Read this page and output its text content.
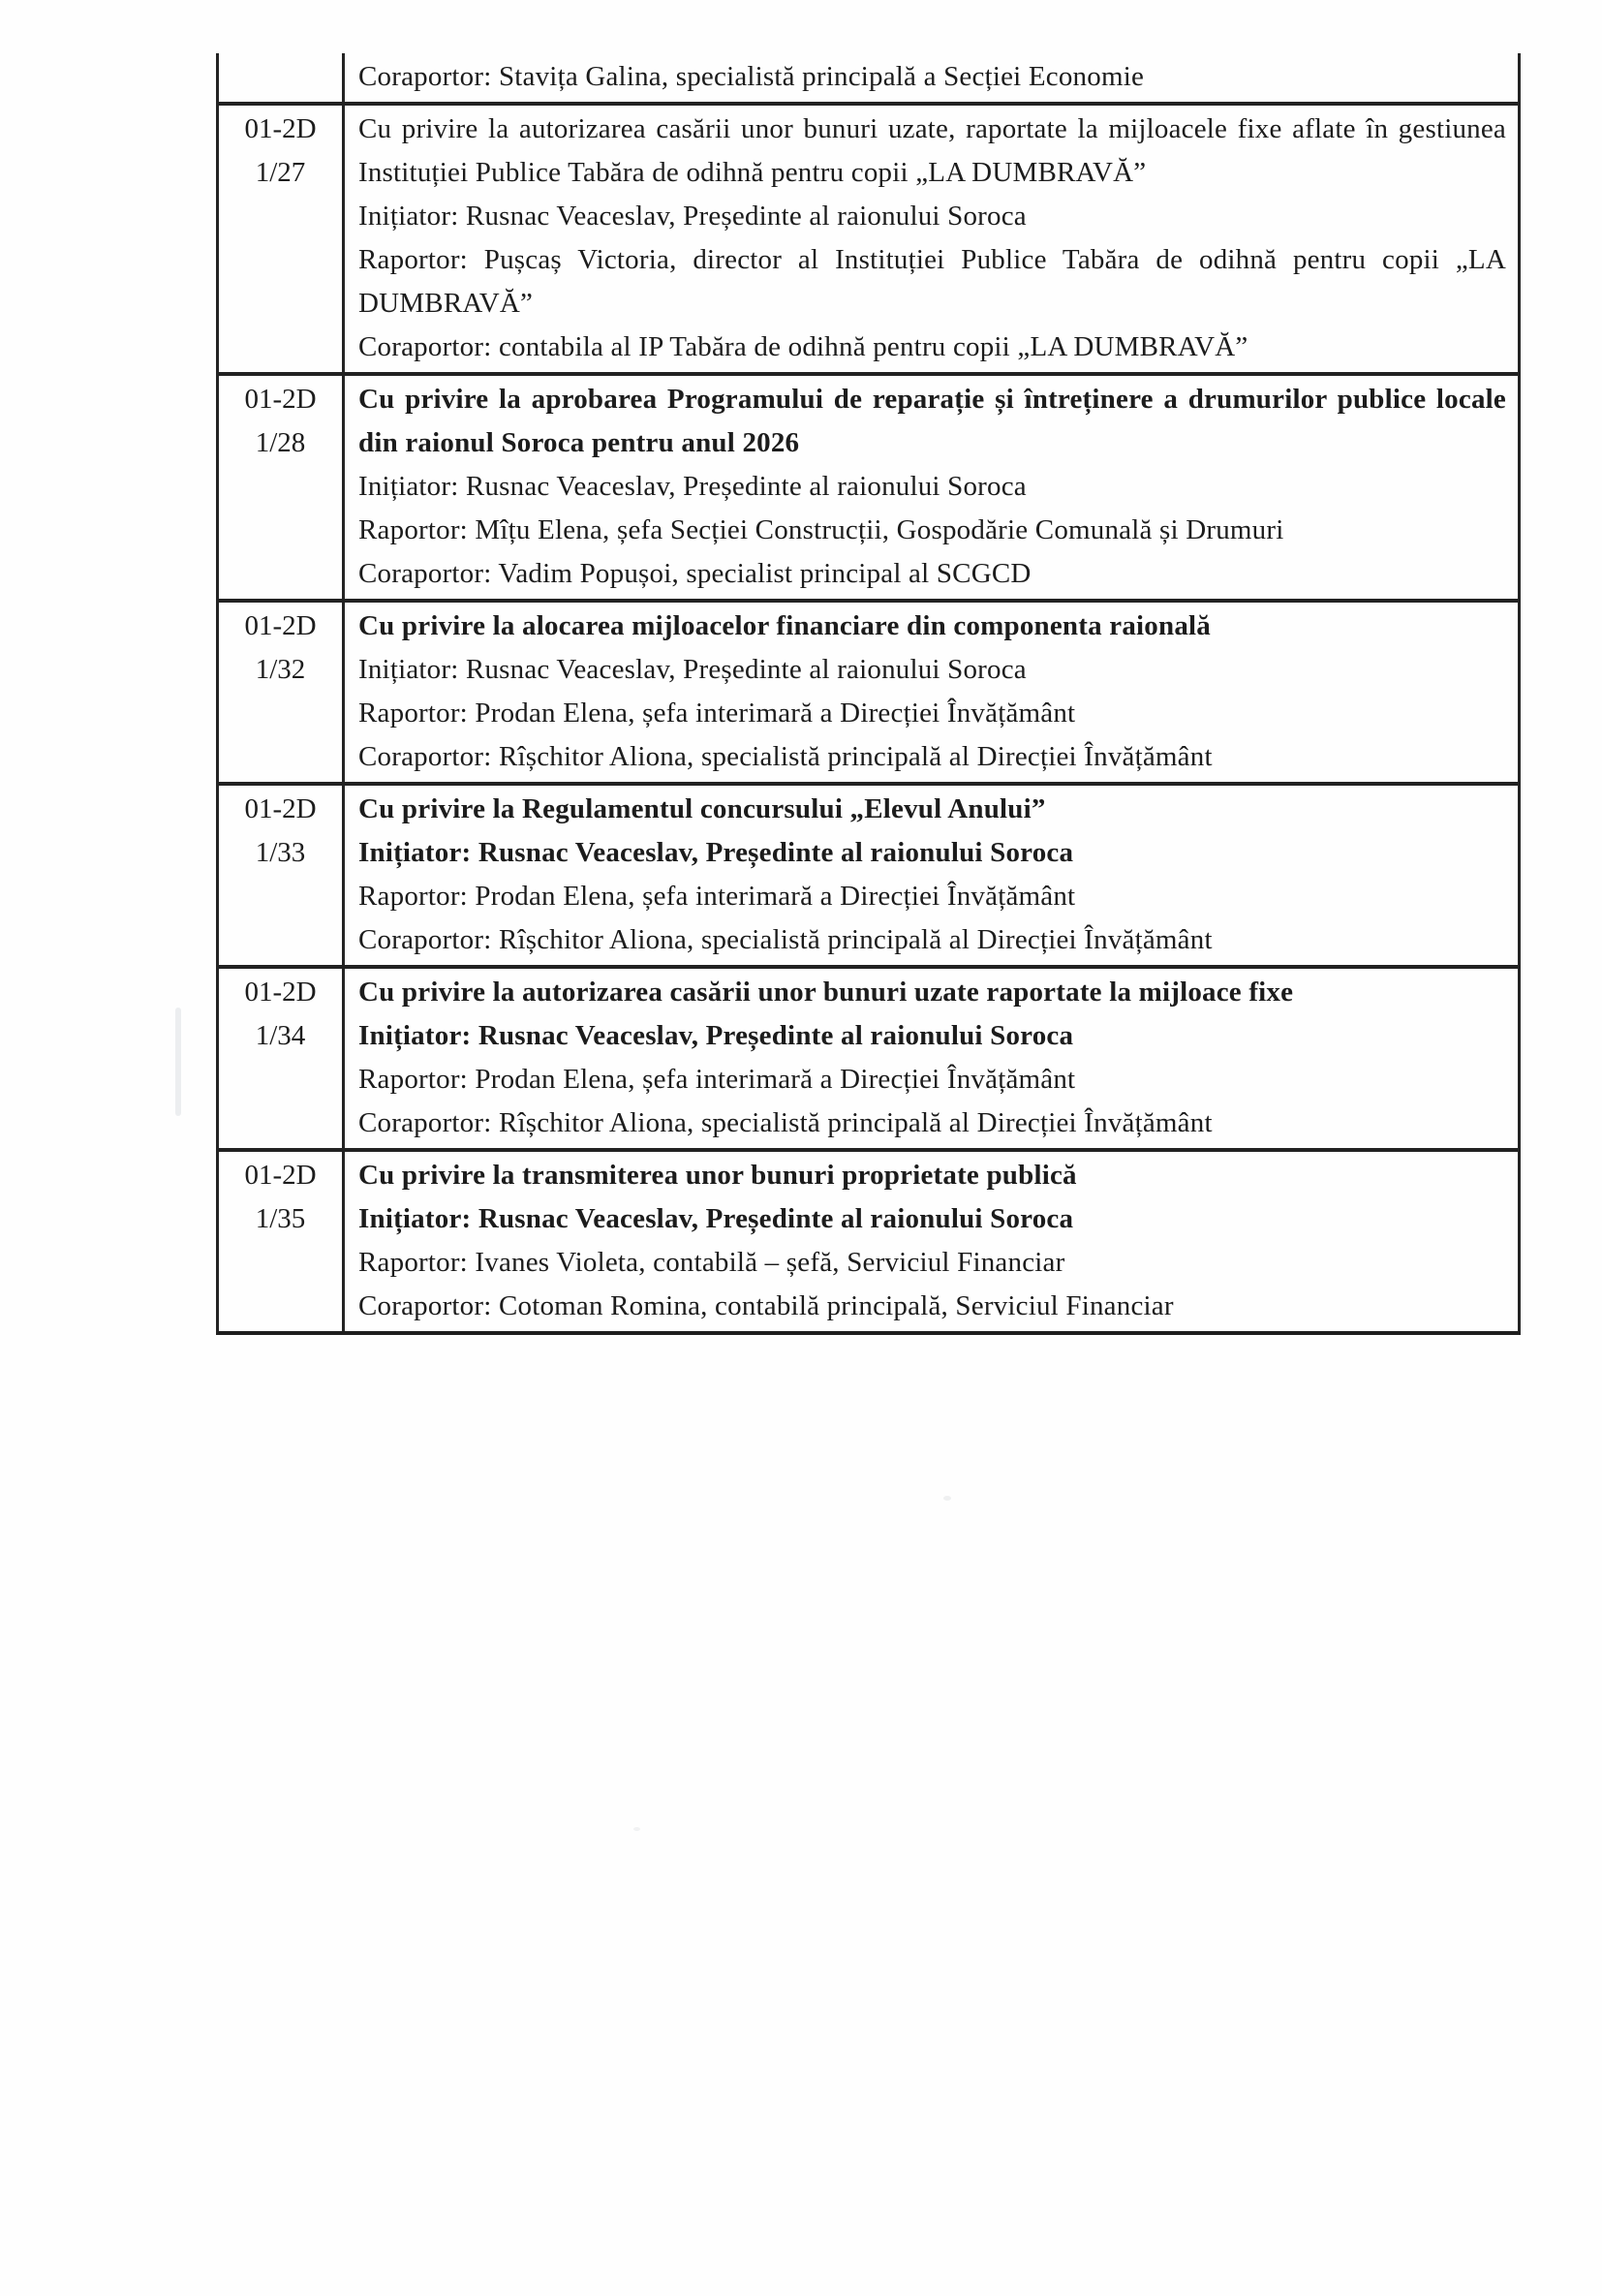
Coraportor: Stavița Galina, specialistă principală a Secției Economie

01-2D
1/27

Cu privire la autorizarea casării unor bunuri uzate, raportate la mijloacele fixe aflate în gestiunea Instituției Publice Tabăra de odihnă pentru copii „LA DUMBRAVĂ”

Inițiator: Rusnac Veaceslav, Președinte al raionului Soroca

Raportor: Pușcaș Victoria, director al Instituției Publice Tabăra de odihnă pentru copii „LA DUMBRAVĂ”

Coraportor: contabila al IP Tabăra de odihnă pentru copii „LA DUMBRAVĂ”

01-2D
1/28

Cu privire la aprobarea Programului de reparație și întreținere a drumurilor publice locale din raionul Soroca pentru anul 2026

Inițiator: Rusnac Veaceslav, Președinte al raionului Soroca

Raportor: Mîțu Elena, șefa Secției Construcții, Gospodărie Comunală și Drumuri

Coraportor: Vadim Popușoi, specialist principal al SCGCD

01-2D
1/32

Cu privire la alocarea mijloacelor financiare din componenta raională

Inițiator: Rusnac Veaceslav, Președinte al raionului Soroca

Raportor: Prodan Elena, șefa interimară a Direcției Învățământ

Coraportor: Rîșchitor Aliona, specialistă principală al Direcției Învățământ

01-2D
1/33

Cu privire la Regulamentul concursului „Elevul Anului”

Inițiator: Rusnac Veaceslav, Președinte al raionului Soroca

Raportor: Prodan Elena, șefa interimară a Direcției Învățământ

Coraportor: Rîșchitor Aliona, specialistă principală al Direcției Învățământ

01-2D
1/34

Cu privire la autorizarea casării unor bunuri uzate raportate la mijloace fixe

Inițiator: Rusnac Veaceslav, Președinte al raionului Soroca

Raportor: Prodan Elena, șefa interimară a Direcției Învățământ

Coraportor: Rîșchitor Aliona, specialistă principală al Direcției Învățământ

01-2D
1/35

Cu privire la transmiterea unor bunuri proprietate publică

Inițiator: Rusnac Veaceslav, Președinte al raionului Soroca

Raportor: Ivanes Violeta, contabilă – șefă, Serviciul Financiar

Coraportor: Cotoman Romina, contabilă principală, Serviciul Financiar
